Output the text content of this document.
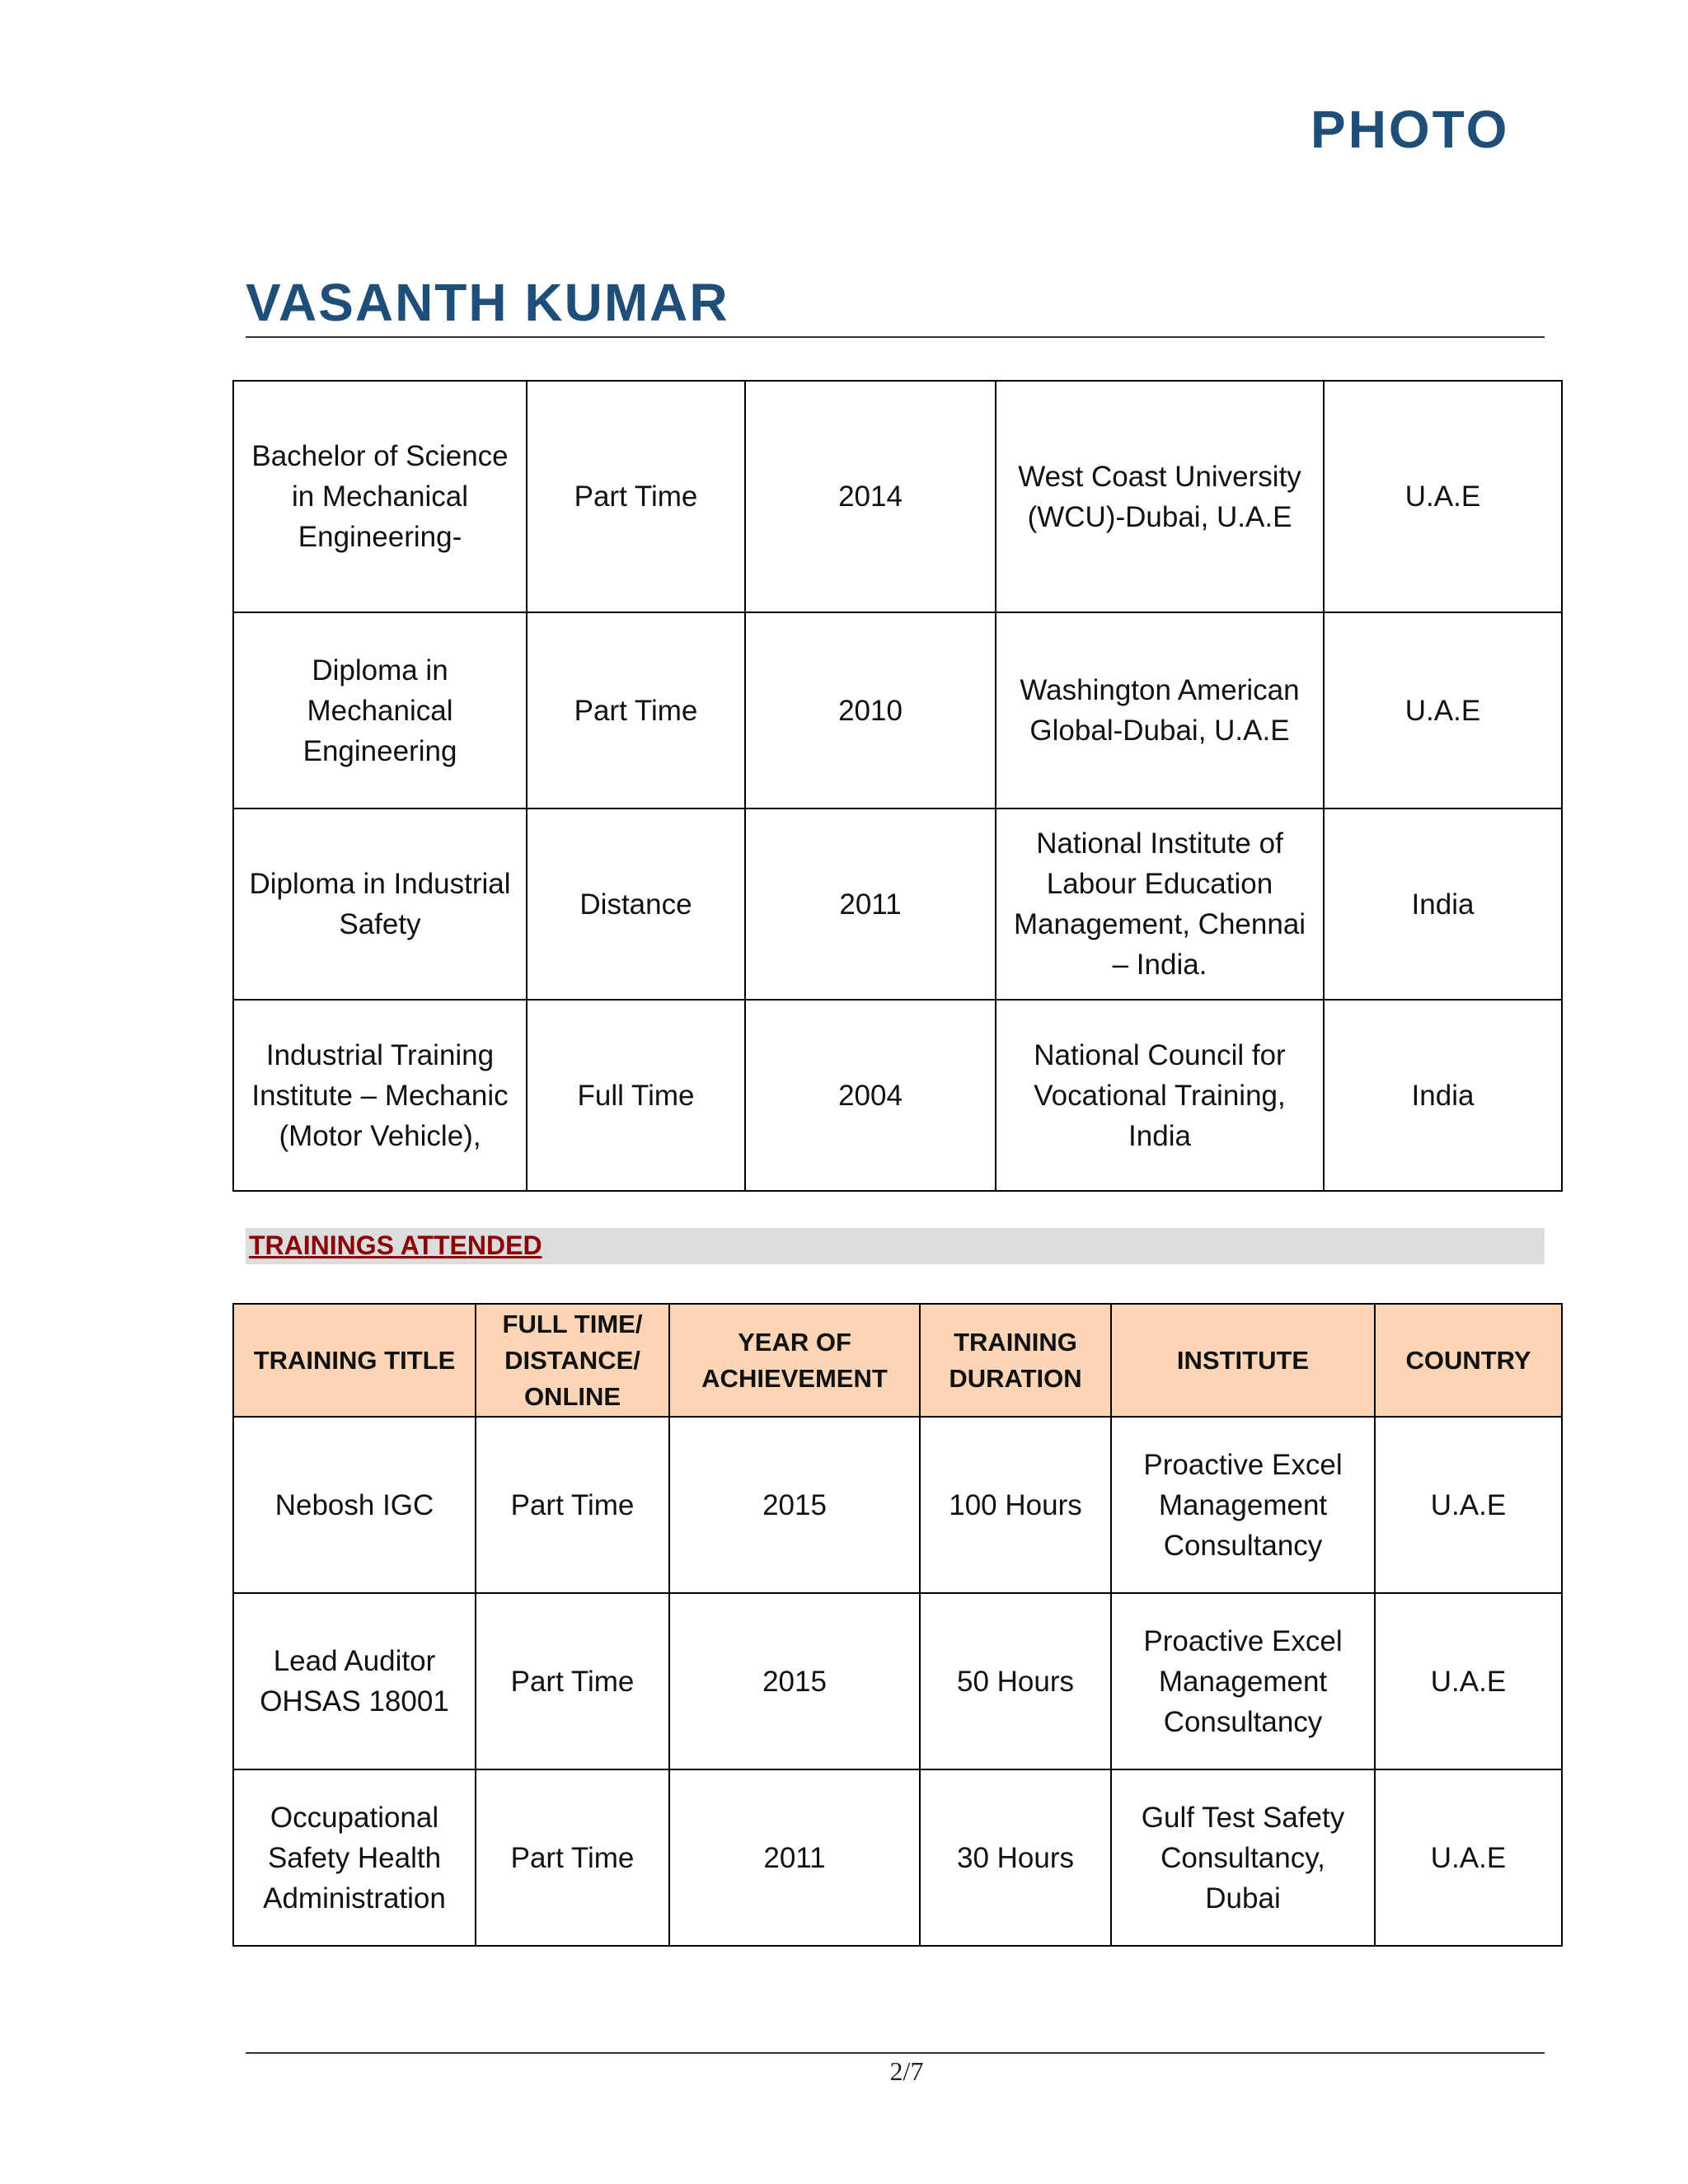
PHOTO
VASANTH KUMAR
Bachelor of Science in Mechanical Engineering-	Part Time	2014	West Coast University (WCU)-Dubai, U.A.E	U.A.E
Diploma in Mechanical Engineering	Part Time	2010	Washington American Global-Dubai, U.A.E	U.A.E
Diploma in Industrial Safety	Distance	2011	National Institute of Labour Education Management, Chennai – India.	India
Industrial Training Institute – Mechanic (Motor Vehicle),	Full Time	2004	National Council for Vocational Training, India	India
TRAININGS ATTENDED
TRAINING TITLE	FULL TIME/ DISTANCE/ ONLINE	YEAR OF ACHIEVEMENT	TRAINING DURATION	INSTITUTE	COUNTRY
Nebosh IGC	Part Time	2015	100 Hours	Proactive Excel Management Consultancy	U.A.E
Lead Auditor OHSAS 18001	Part Time	2015	50 Hours	Proactive Excel Management Consultancy	U.A.E
Occupational Safety Health Administration	Part Time	2011	30 Hours	Gulf Test Safety Consultancy, Dubai	U.A.E
2/7
